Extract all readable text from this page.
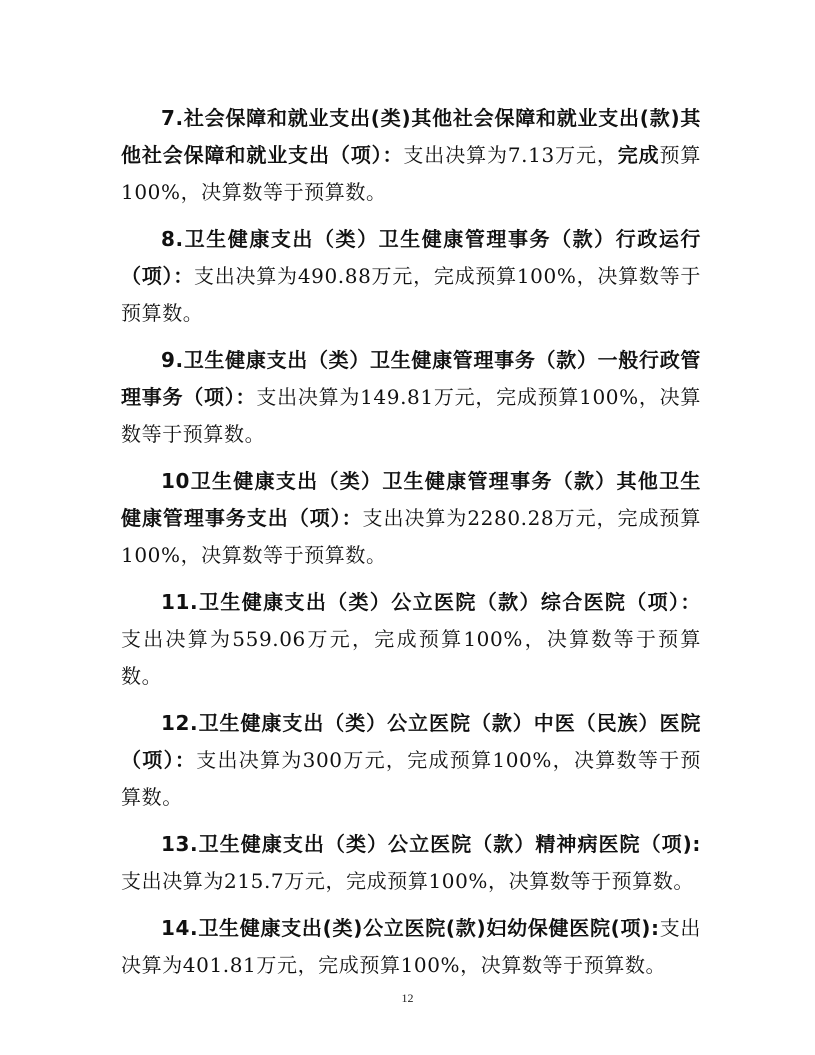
7.社会保障和就业支出(类)其他社会保障和就业支出(款)其他社会保障和就业支出（项）：支出决算为7.13万元，完成预算100%，决算数等于预算数。

8.卫生健康支出（类）卫生健康管理事务（款）行政运行（项）：支出决算为490.88万元，完成预算100%，决算数等于预算数。

9.卫生健康支出（类）卫生健康管理事务（款）一般行政管理事务（项）：支出决算为149.81万元，完成预算100%，决算数等于预算数。

10卫生健康支出（类）卫生健康管理事务（款）其他卫生健康管理事务支出（项）：支出决算为2280.28万元，完成预算100%，决算数等于预算数。

11.卫生健康支出（类）公立医院（款）综合医院（项）：支出决算为559.06万元，完成预算100%，决算数等于预算数。

12.卫生健康支出（类）公立医院（款）中医（民族）医院（项）：支出决算为300万元，完成预算100%，决算数等于预算数。

13.卫生健康支出（类）公立医院（款）精神病医院（项):支出决算为215.7万元，完成预算100%，决算数等于预算数。

14.卫生健康支出(类)公立医院(款)妇幼保健医院(项):支出决算为401.81万元，完成预算100%，决算数等于预算数。

12
